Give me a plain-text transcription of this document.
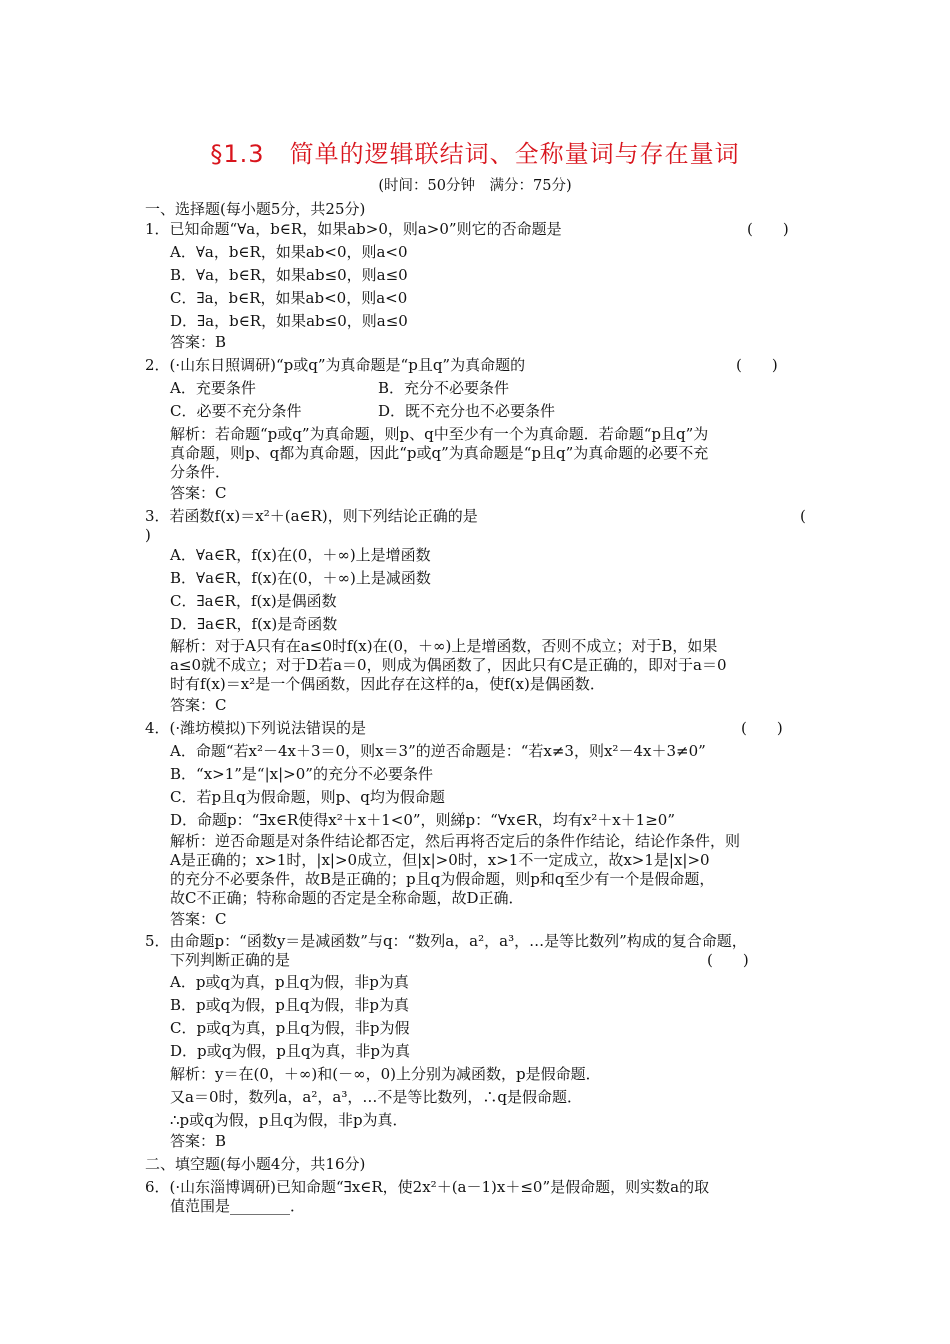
§1.3　简单的逻辑联结词、全称量词与存在量词
(时间：50分钟　满分：75分)
一、选择题(每小题5分，共25分)
1．已知命题“∀a，b∈R，如果ab>0，则a>0”则它的否命题是	(　　)
A．∀a，b∈R，如果ab<0，则a<0
B．∀a，b∈R，如果ab≤0，则a≤0
C．∃a，b∈R，如果ab<0，则a<0
D．∃a，b∈R，如果ab≤0，则a≤0
答案：B
2．(·山东日照调研)“p或q”为真命题是“p且q”为真命题的	(　　)
A．充要条件	B．充分不必要条件
C．必要不充分条件	D．既不充分也不必要条件
解析：若命题“p或q”为真命题，则p、q中至少有一个为真命题．若命题“p且q”为
真命题，则p、q都为真命题，因此“p或q”为真命题是“p且q”为真命题的必要不充
分条件．
答案：C
3．若函数f(x)＝x²＋(a∈R)，则下列结论正确的是	(
)
A．∀a∈R，f(x)在(0，＋∞)上是增函数
B．∀a∈R，f(x)在(0，＋∞)上是减函数
C．∃a∈R，f(x)是偶函数
D．∃a∈R，f(x)是奇函数
解析：对于A只有在a≤0时f(x)在(0，＋∞)上是增函数，否则不成立；对于B，如果
a≤0就不成立；对于D若a＝0，则成为偶函数了，因此只有C是正确的，即对于a＝0
时有f(x)＝x²是一个偶函数，因此存在这样的a，使f(x)是偶函数．
答案：C
4．(·潍坊模拟)下列说法错误的是	(　　)
A．命题“若x²－4x＋3＝0，则x＝3”的逆否命题是：“若x≠3，则x²－4x＋3≠0”
B．“x>1”是“|x|>0”的充分不必要条件
C．若p且q为假命题，则p、q均为假命题
D．命题p：“∃x∈R使得x²＋x＋1<0”，则綈p：“∀x∈R，均有x²＋x＋1≥0”
解析：逆否命题是对条件结论都否定，然后再将否定后的条件作结论，结论作条件，则
A是正确的；x>1时，|x|>0成立，但|x|>0时，x>1不一定成立，故x>1是|x|>0
的充分不必要条件，故B是正确的；p且q为假命题，则p和q至少有一个是假命题，
故C不正确；特称命题的否定是全称命题，故D正确．
答案：C
5．由命题p：“函数y＝是减函数”与q：“数列a，a²，a³，…是等比数列”构成的复合命题，
下列判断正确的是	(　　)
A．p或q为真，p且q为假，非p为真
B．p或q为假，p且q为假，非p为真
C．p或q为真，p且q为假，非p为假
D．p或q为假，p且q为真，非p为真
解析：y＝在(0，＋∞)和(－∞，0)上分别为减函数，p是假命题．
又a＝0时，数列a，a²，a³，…不是等比数列，∴q是假命题．
∴p或q为假，p且q为假，非p为真．
答案：B
二、填空题(每小题4分，共16分)
6．(·山东淄博调研)已知命题“∃x∈R，使2x²＋(a－1)x＋≤0”是假命题，则实数a的取
值范围是________．
